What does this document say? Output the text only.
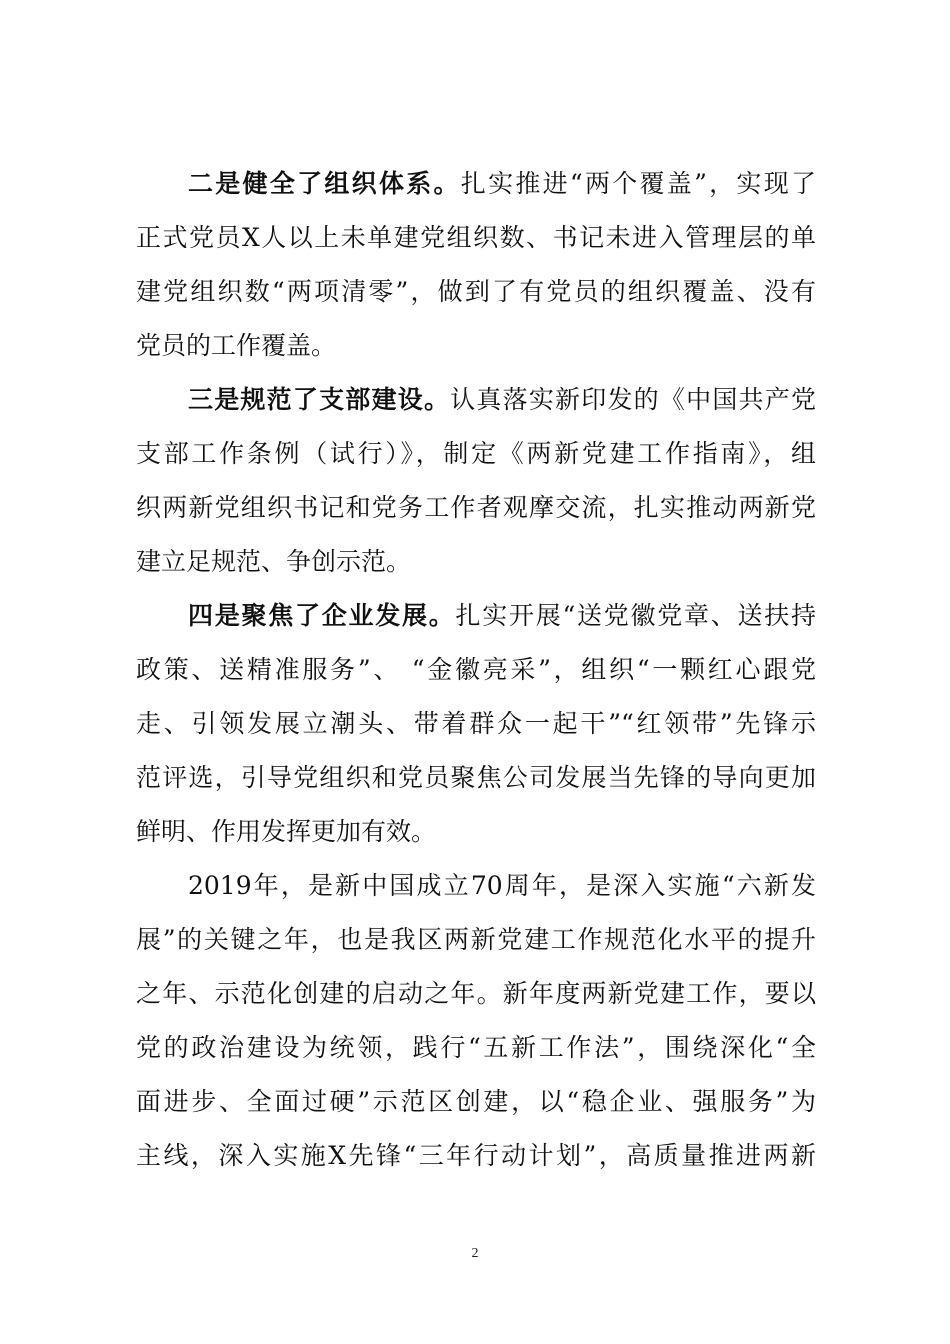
二是健全了组织体系。扎实推进“两个覆盖”，实现了
正式党员X人以上未单建党组织数、书记未进入管理层的单
建党组织数“两项清零”，做到了有党员的组织覆盖、没有
党员的工作覆盖。
三是规范了支部建设。认真落实新印发的《中国共产党
支部工作条例（试行）》，制定《两新党建工作指南》，组
织两新党组织书记和党务工作者观摩交流，扎实推动两新党
建立足规范、争创示范。
四是聚焦了企业发展。扎实开展“送党徽党章、送扶持
政策、送精准服务”、 “金徽亮采”，组织“一颗红心跟党
走、引领发展立潮头、带着群众一起干”“红领带”先锋示
范评选，引导党组织和党员聚焦公司发展当先锋的导向更加
鲜明、作用发挥更加有效。
2019年，是新中国成立70周年，是深入实施“六新发
展”的关键之年，也是我区两新党建工作规范化水平的提升
之年、示范化创建的启动之年。新年度两新党建工作，要以
党的政治建设为统领，践行“五新工作法”，围绕深化“全
面进步、全面过硬”示范区创建，以“稳企业、强服务”为
主线，深入实施X先锋“三年行动计划”，高质量推进两新
2
